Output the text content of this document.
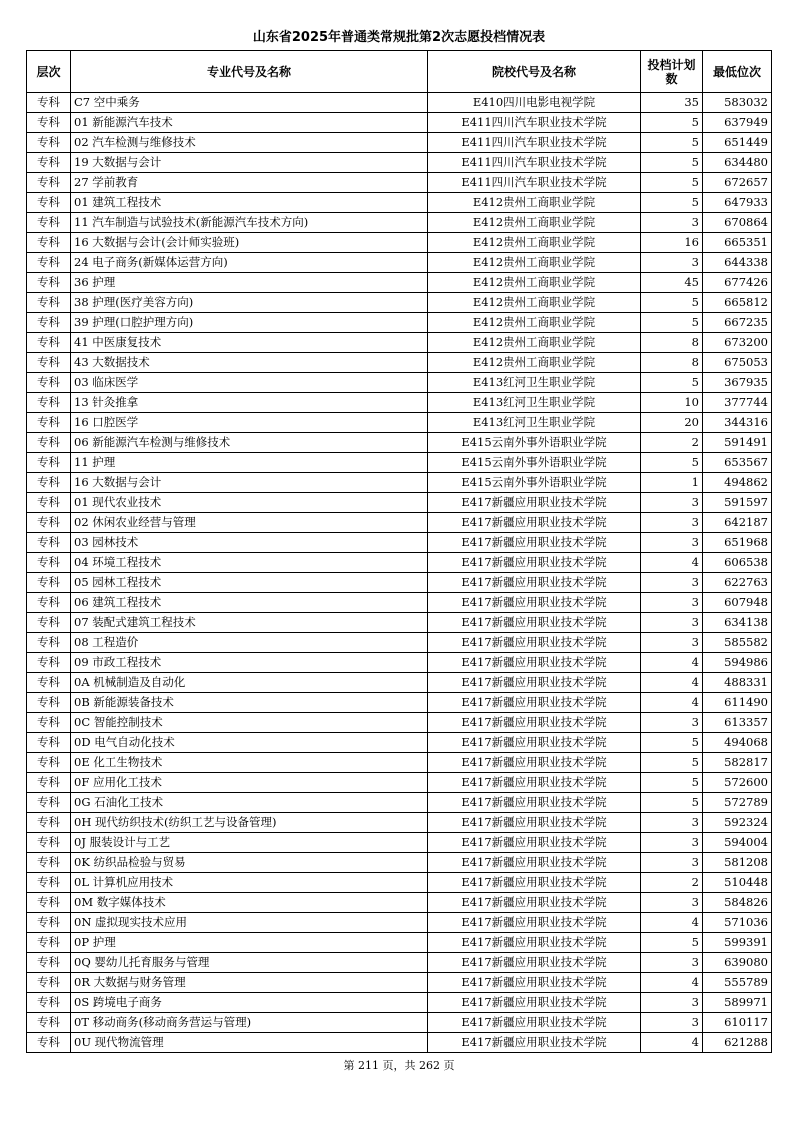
山东省2025年普通类常规批第2次志愿投档情况表
层次	专业代号及名称	院校代号及名称	投档计划数	最低位次
专科	C7 空中乘务	E410四川电影电视学院	35	583032
专科	01 新能源汽车技术	E411四川汽车职业技术学院	5	637949
专科	02 汽车检测与维修技术	E411四川汽车职业技术学院	5	651449
专科	19 大数据与会计	E411四川汽车职业技术学院	5	634480
专科	27 学前教育	E411四川汽车职业技术学院	5	672657
专科	01 建筑工程技术	E412贵州工商职业学院	5	647933
专科	11 汽车制造与试验技术(新能源汽车技术方向)	E412贵州工商职业学院	3	670864
专科	16 大数据与会计(会计师实验班)	E412贵州工商职业学院	16	665351
专科	24 电子商务(新媒体运营方向)	E412贵州工商职业学院	3	644338
专科	36 护理	E412贵州工商职业学院	45	677426
专科	38 护理(医疗美容方向)	E412贵州工商职业学院	5	665812
专科	39 护理(口腔护理方向)	E412贵州工商职业学院	5	667235
专科	41 中医康复技术	E412贵州工商职业学院	8	673200
专科	43 大数据技术	E412贵州工商职业学院	8	675053
专科	03 临床医学	E413红河卫生职业学院	5	367935
专科	13 针灸推拿	E413红河卫生职业学院	10	377744
专科	16 口腔医学	E413红河卫生职业学院	20	344316
专科	06 新能源汽车检测与维修技术	E415云南外事外语职业学院	2	591491
专科	11 护理	E415云南外事外语职业学院	5	653567
专科	16 大数据与会计	E415云南外事外语职业学院	1	494862
专科	01 现代农业技术	E417新疆应用职业技术学院	3	591597
专科	02 休闲农业经营与管理	E417新疆应用职业技术学院	3	642187
专科	03 园林技术	E417新疆应用职业技术学院	3	651968
专科	04 环境工程技术	E417新疆应用职业技术学院	4	606538
专科	05 园林工程技术	E417新疆应用职业技术学院	3	622763
专科	06 建筑工程技术	E417新疆应用职业技术学院	3	607948
专科	07 装配式建筑工程技术	E417新疆应用职业技术学院	3	634138
专科	08 工程造价	E417新疆应用职业技术学院	3	585582
专科	09 市政工程技术	E417新疆应用职业技术学院	4	594986
专科	0A 机械制造及自动化	E417新疆应用职业技术学院	4	488331
专科	0B 新能源装备技术	E417新疆应用职业技术学院	4	611490
专科	0C 智能控制技术	E417新疆应用职业技术学院	3	613357
专科	0D 电气自动化技术	E417新疆应用职业技术学院	5	494068
专科	0E 化工生物技术	E417新疆应用职业技术学院	5	582817
专科	0F 应用化工技术	E417新疆应用职业技术学院	5	572600
专科	0G 石油化工技术	E417新疆应用职业技术学院	5	572789
专科	0H 现代纺织技术(纺织工艺与设备管理)	E417新疆应用职业技术学院	3	592324
专科	0J 服装设计与工艺	E417新疆应用职业技术学院	3	594004
专科	0K 纺织品检验与贸易	E417新疆应用职业技术学院	3	581208
专科	0L 计算机应用技术	E417新疆应用职业技术学院	2	510448
专科	0M 数字媒体技术	E417新疆应用职业技术学院	3	584826
专科	0N 虚拟现实技术应用	E417新疆应用职业技术学院	4	571036
专科	0P 护理	E417新疆应用职业技术学院	5	599391
专科	0Q 婴幼儿托育服务与管理	E417新疆应用职业技术学院	3	639080
专科	0R 大数据与财务管理	E417新疆应用职业技术学院	4	555789
专科	0S 跨境电子商务	E417新疆应用职业技术学院	3	589971
专科	0T 移动商务(移动商务营运与管理)	E417新疆应用职业技术学院	3	610117
专科	0U 现代物流管理	E417新疆应用职业技术学院	4	621288
第 211 页，共 262 页
